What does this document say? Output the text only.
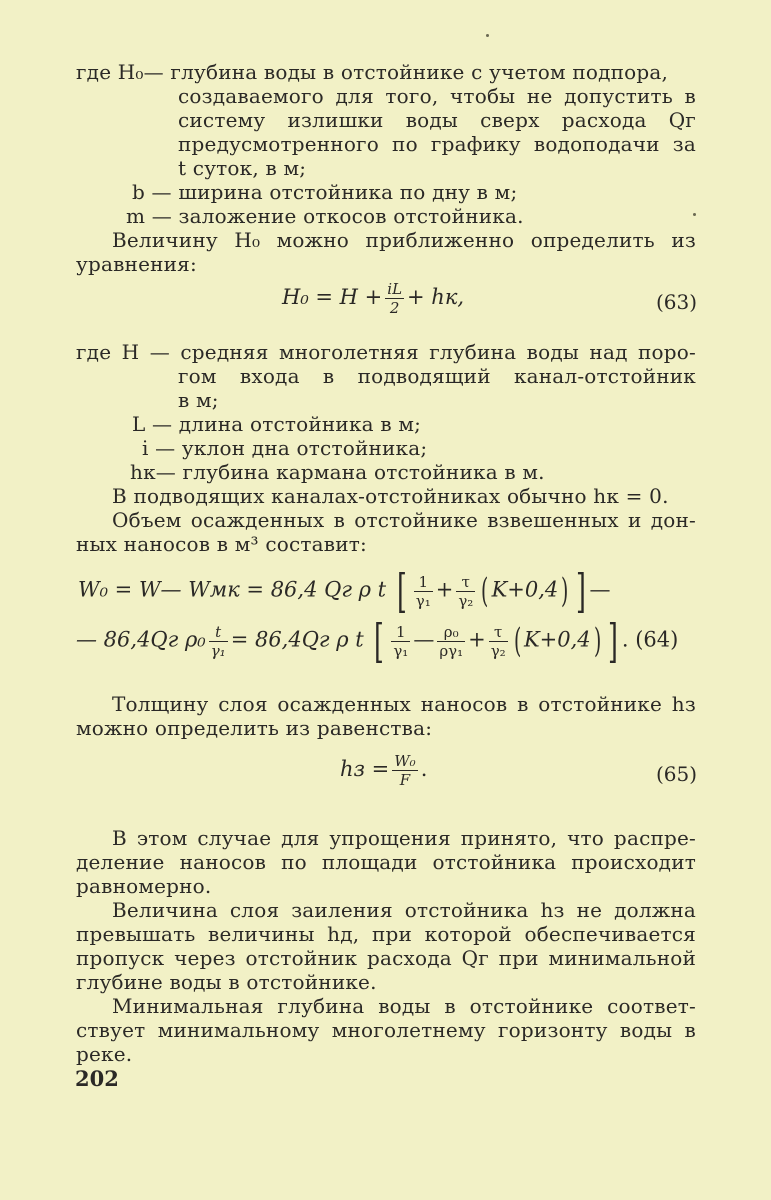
где H₀— глубина воды в отстойнике с учетом подпора,
создаваемого для того, чтобы не допустить в
систему излишки воды сверх расхода Qг
предусмотренного по графику водоподачи за
t суток, в м;
b — ширина отстойника по дну в м;
m — заложение откосов отстойника.
Величину H₀ можно приближенно определить из
уравнения:
$H_0 = H + \frac{iL}{2}$ + hк,	(63)
где H — средняя многолетняя глубина воды над поро-
гом входа в подводящий канал-отстойник
в м;
L — длина отстойника в м;
i — уклон дна отстойника;
hк— глубина кармана отстойника в м.
В подводящих каналах-отстойниках обычно hк = 0.
Объем осажденных в отстойнике взвешенных и дон-
ных наносов в м³ составит:
W₀ = W— Wмк = 86,4 Qг ρ t [ $\frac{1}{\text{γ₁}} + \frac{\tau}{\text{γ₂}}$ ( K+0,4) ] —
— 86,4Qг $\rho_0 \frac{t}{\text{γ₁}} = 86,4Qг$ ρ t [ $\frac{1}{\text{γ₁}}$ — $\frac{\text{ρ₀}}{\text{ργ₁}} + \frac{\tau}{\text{γ₂}}$ ( K+0,4) ] . (64)
Толщину слоя осажденных наносов в отстойнике hз
можно определить из равенства:
hз = $\frac{\text{W₀}}{F}$ .	(65)
В этом случае для упрощения принято, что распре-
деление наносов по площади отстойника происходит
равномерно.
Величина слоя заиления отстойника hз не должна
превышать величины hд, при которой обеспечивается
пропуск через отстойник расхода Qг при минимальной
глубине воды в отстойнике.
Минимальная глубина воды в отстойнике соответ-
ствует минимальному многолетнему горизонту воды в
реке.
202
